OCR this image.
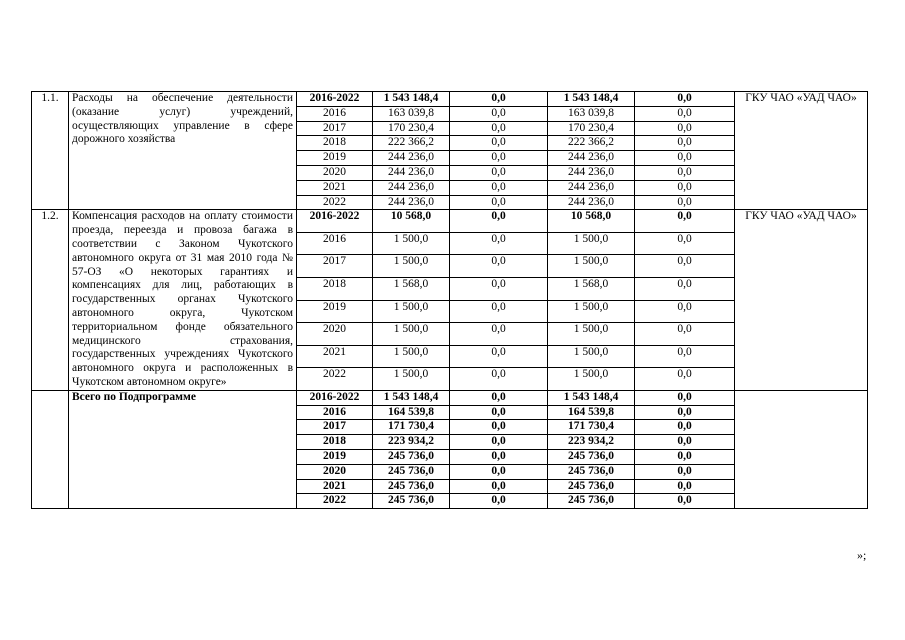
1.1.	Расходы на обеспечение деятельности (оказание услуг) учреждений, осуществляющих управление в сфере дорожного хозяйства	2016-2022	1 543 148,4	0,0	1 543 148,4	0,0	ГКУ ЧАО «УАД ЧАО»
		2016	163 039,8	0,0	163 039,8	0,0	
		2017	170 230,4	0,0	170 230,4	0,0	
		2018	222 366,2	0,0	222 366,2	0,0	
		2019	244 236,0	0,0	244 236,0	0,0	
		2020	244 236,0	0,0	244 236,0	0,0	
		2021	244 236,0	0,0	244 236,0	0,0	
		2022	244 236,0	0,0	244 236,0	0,0	
1.2.	Компенсация расходов на оплату стоимости проезда, переезда и провоза багажа в соответствии с Законом Чукотского автономного округа от 31 мая 2010 года № 57-ОЗ «О некоторых гарантиях и компенсациях для лиц, работающих в государственных органах Чукотского автономного округа, Чукотском территориальном фонде обязательного медицинского страхования, государственных учреждениях Чукотского автономного округа и расположенных в Чукотском автономном округе»	2016-2022	10 568,0	0,0	10 568,0	0,0	ГКУ ЧАО «УАД ЧАО»
		2016	1 500,0	0,0	1 500,0	0,0	
		2017	1 500,0	0,0	1 500,0	0,0	
		2018	1 568,0	0,0	1 568,0	0,0	
		2019	1 500,0	0,0	1 500,0	0,0	
		2020	1 500,0	0,0	1 500,0	0,0	
		2021	1 500,0	0,0	1 500,0	0,0	
		2022	1 500,0	0,0	1 500,0	0,0	
	Всего по Подпрограмме	2016-2022	1 543 148,4	0,0	1 543 148,4	0,0	
		2016	164 539,8	0,0	164 539,8	0,0	
		2017	171 730,4	0,0	171 730,4	0,0	
		2018	223 934,2	0,0	223 934,2	0,0	
		2019	245 736,0	0,0	245 736,0	0,0	
		2020	245 736,0	0,0	245 736,0	0,0	
		2021	245 736,0	0,0	245 736,0	0,0	
		2022	245 736,0	0,0	245 736,0	0,0	
»;
